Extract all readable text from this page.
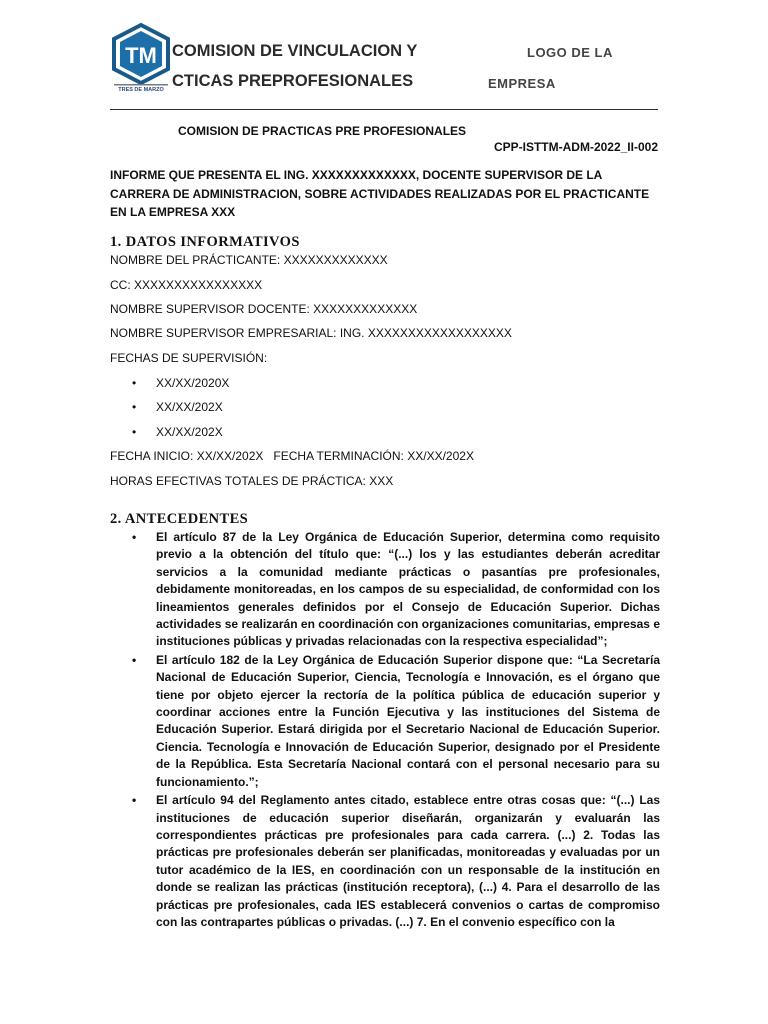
TM
TRES DE MARZO
COMISION DE VINCULACION Y
CTICAS PREPROFESIONALES
LOGO DE LA
EMPRESA
COMISION DE PRACTICAS PRE PROFESIONALES
CPP-ISTTM-ADM-2022_II-002
INFORME QUE PRESENTA EL ING. XXXXXXXXXXXXX, DOCENTE SUPERVISOR DE LA CARRERA DE ADMINISTRACION, SOBRE ACTIVIDADES REALIZADAS POR EL PRACTICANTE EN LA EMPRESA XXX
1. DATOS INFORMATIVOS
NOMBRE DEL PRÁCTICANTE: XXXXXXXXXXXXX
CC: XXXXXXXXXXXXXXXX
NOMBRE SUPERVISOR DOCENTE: XXXXXXXXXXXXX
NOMBRE SUPERVISOR EMPRESARIAL: ING. XXXXXXXXXXXXXXXXXX
FECHAS DE SUPERVISIÓN:
• XX/XX/2020X
• XX/XX/202X
• XX/XX/202X
FECHA INICIO: XX/XX/202X FECHA TERMINACIÓN: XX/XX/202X
HORAS EFECTIVAS TOTALES DE PRÁCTICA: XXX
2. ANTECEDENTES
• El artículo 87 de la Ley Orgánica de Educación Superior, determina como requisito previo a la obtención del título que: “(...) los y las estudiantes deberán acreditar servicios a la comunidad mediante prácticas o pasantías pre profesionales, debidamente monitoreadas, en los campos de su especialidad, de conformidad con los lineamientos generales definidos por el Consejo de Educación Superior. Dichas actividades se realizarán en coordinación con organizaciones comunitarias, empresas e instituciones públicas y privadas relacionadas con la respectiva especialidad”;
• El artículo 182 de la Ley Orgánica de Educación Superior dispone que: “La Secretaría Nacional de Educación Superior, Ciencia, Tecnología e Innovación, es el órgano que tiene por objeto ejercer la rectoría de la política pública de educación superior y coordinar acciones entre la Función Ejecutiva y las instituciones del Sistema de Educación Superior. Estará dirigida por el Secretario Nacional de Educación Superior. Ciencia. Tecnología e Innovación de Educación Superior, designado por el Presidente de la República. Esta Secretaría Nacional contará con el personal necesario para su funcionamiento.”;
• El artículo 94 del Reglamento antes citado, establece entre otras cosas que: “(...) Las instituciones de educación superior diseñarán, organizarán y evaluarán las correspondientes prácticas pre profesionales para cada carrera. (...) 2. Todas las prácticas pre profesionales deberán ser planificadas, monitoreadas y evaluadas por un tutor académico de la IES, en coordinación con un responsable de la institución en donde se realizan las prácticas (institución receptora), (...) 4. Para el desarrollo de las prácticas pre profesionales, cada IES establecerá convenios o cartas de compromiso con las contrapartes públicas o privadas. (...) 7. En el convenio específico con la
